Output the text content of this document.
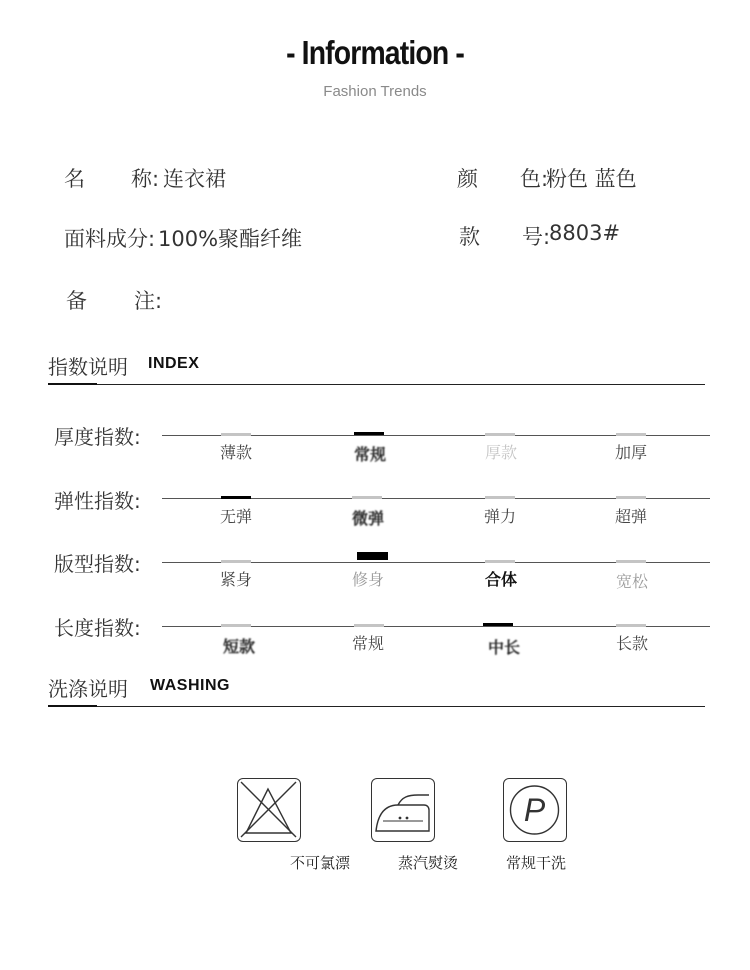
- Information -
Fashion Trends
名 称: 连衣裙	颜 色:
粉色 蓝色
面料成分: 100%聚酯纤维	款 号:
8803#
备 注:
指数说明 INDEX
厚度指数:
薄款	常规	厚款	加厚
弹性指数:
无弹	微弹	弹力	超弹
版型指数:
紧身	修身	合体	宽松
长度指数:
短款	常规	中长	长款
洗涤说明 WASHING
P
不可氯漂	蒸汽熨烫	常规干洗
